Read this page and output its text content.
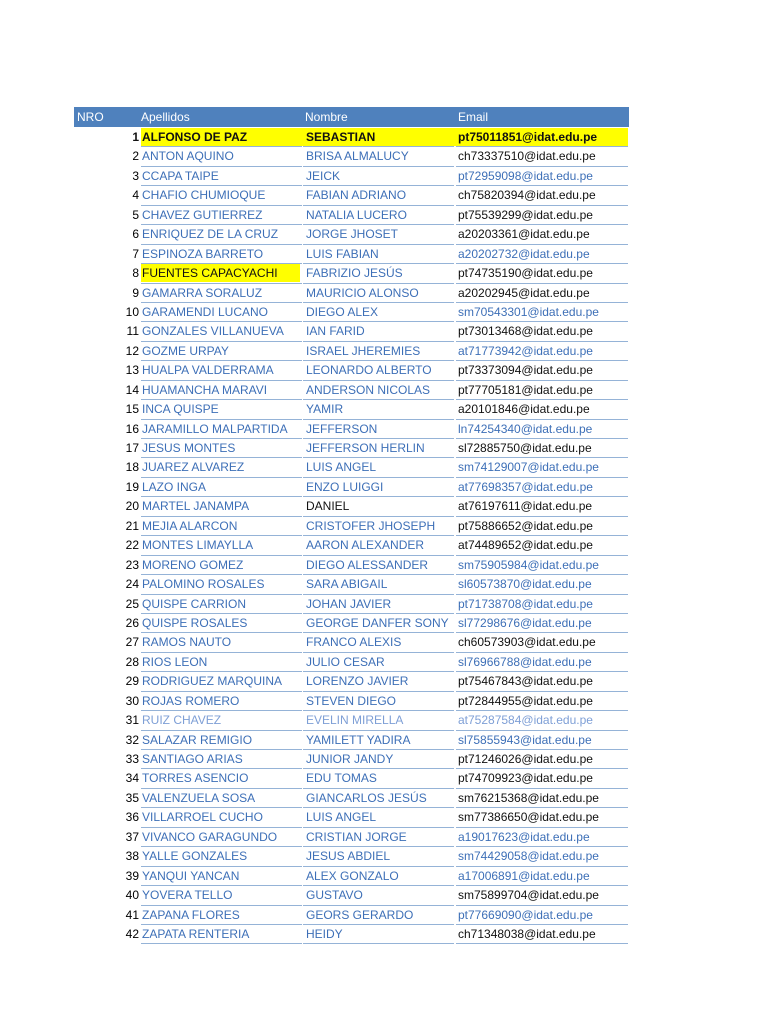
NRO	Apellidos	Nombre	Email
1 ALFONSO DE PAZ	SEBASTIAN	pt75011851@idat.edu.pe
2 ANTON AQUINO	BRISA ALMALUCY	ch73337510@idat.edu.pe
3 CCAPA TAIPE	JEICK	pt72959098@idat.edu.pe
4 CHAFIO CHUMIOQUE	FABIAN ADRIANO	ch75820394@idat.edu.pe
5 CHAVEZ GUTIERREZ	NATALIA LUCERO	pt75539299@idat.edu.pe
6 ENRIQUEZ DE LA CRUZ	JORGE JHOSET	a20203361@idat.edu.pe
7 ESPINOZA BARRETO	LUIS FABIAN	a20202732@idat.edu.pe
8 FUENTES CAPACYACHI	FABRIZIO JESÚS	pt74735190@idat.edu.pe
9 GAMARRA SORALUZ	MAURICIO ALONSO	a20202945@idat.edu.pe
10 GARAMENDI LUCANO	DIEGO ALEX	sm70543301@idat.edu.pe
11 GONZALES VILLANUEVA	IAN FARID	pt73013468@idat.edu.pe
12 GOZME URPAY	ISRAEL JHEREMIES	at71773942@idat.edu.pe
13 HUALPA VALDERRAMA	LEONARDO ALBERTO	pt73373094@idat.edu.pe
14 HUAMANCHA MARAVI	ANDERSON NICOLAS	pt77705181@idat.edu.pe
15 INCA QUISPE	YAMIR	a20101846@idat.edu.pe
16 JARAMILLO MALPARTIDA	JEFFERSON	ln74254340@idat.edu.pe
17 JESUS MONTES	JEFFERSON HERLIN	sl72885750@idat.edu.pe
18 JUAREZ ALVAREZ	LUIS ANGEL	sm74129007@idat.edu.pe
19 LAZO INGA	ENZO LUIGGI	at77698357@idat.edu.pe
20 MARTEL JANAMPA	DANIEL	at76197611@idat.edu.pe
21 MEJIA ALARCON	CRISTOFER JHOSEPH	pt75886652@idat.edu.pe
22 MONTES LIMAYLLA	AARON ALEXANDER	at74489652@idat.edu.pe
23 MORENO GOMEZ	DIEGO ALESSANDER	sm75905984@idat.edu.pe
24 PALOMINO ROSALES	SARA ABIGAIL	sl60573870@idat.edu.pe
25 QUISPE CARRION	JOHAN JAVIER	pt71738708@idat.edu.pe
26 QUISPE ROSALES	GEORGE DANFER SONY sl77298676@idat.edu.pe
27 RAMOS NAUTO	FRANCO ALEXIS	ch60573903@idat.edu.pe
28 RIOS LEON	JULIO CESAR	sl76966788@idat.edu.pe
29 RODRIGUEZ MARQUINA	LORENZO JAVIER	pt75467843@idat.edu.pe
30 ROJAS ROMERO	STEVEN DIEGO	pt72844955@idat.edu.pe
31 RUIZ CHAVEZ	EVELIN MIRELLA	at75287584@idat.edu.pe
32 SALAZAR REMIGIO	YAMILETT YADIRA	sl75855943@idat.edu.pe
33 SANTIAGO ARIAS	JUNIOR JANDY	pt71246026@idat.edu.pe
34 TORRES ASENCIO	EDU TOMAS	pt74709923@idat.edu.pe
35 VALENZUELA SOSA	GIANCARLOS JESÚS	sm76215368@idat.edu.pe
36 VILLARROEL CUCHO	LUIS ANGEL	sm77386650@idat.edu.pe
37 VIVANCO GARAGUNDO	CRISTIAN JORGE	a19017623@idat.edu.pe
38 YALLE GONZALES	JESUS ABDIEL	sm74429058@idat.edu.pe
39 YANQUI YANCAN	ALEX GONZALO	a17006891@idat.edu.pe
40 YOVERA TELLO	GUSTAVO	sm75899704@idat.edu.pe
41 ZAPANA FLORES	GEORS GERARDO	pt77669090@idat.edu.pe
42 ZAPATA RENTERIA	HEIDY	ch71348038@idat.edu.pe
